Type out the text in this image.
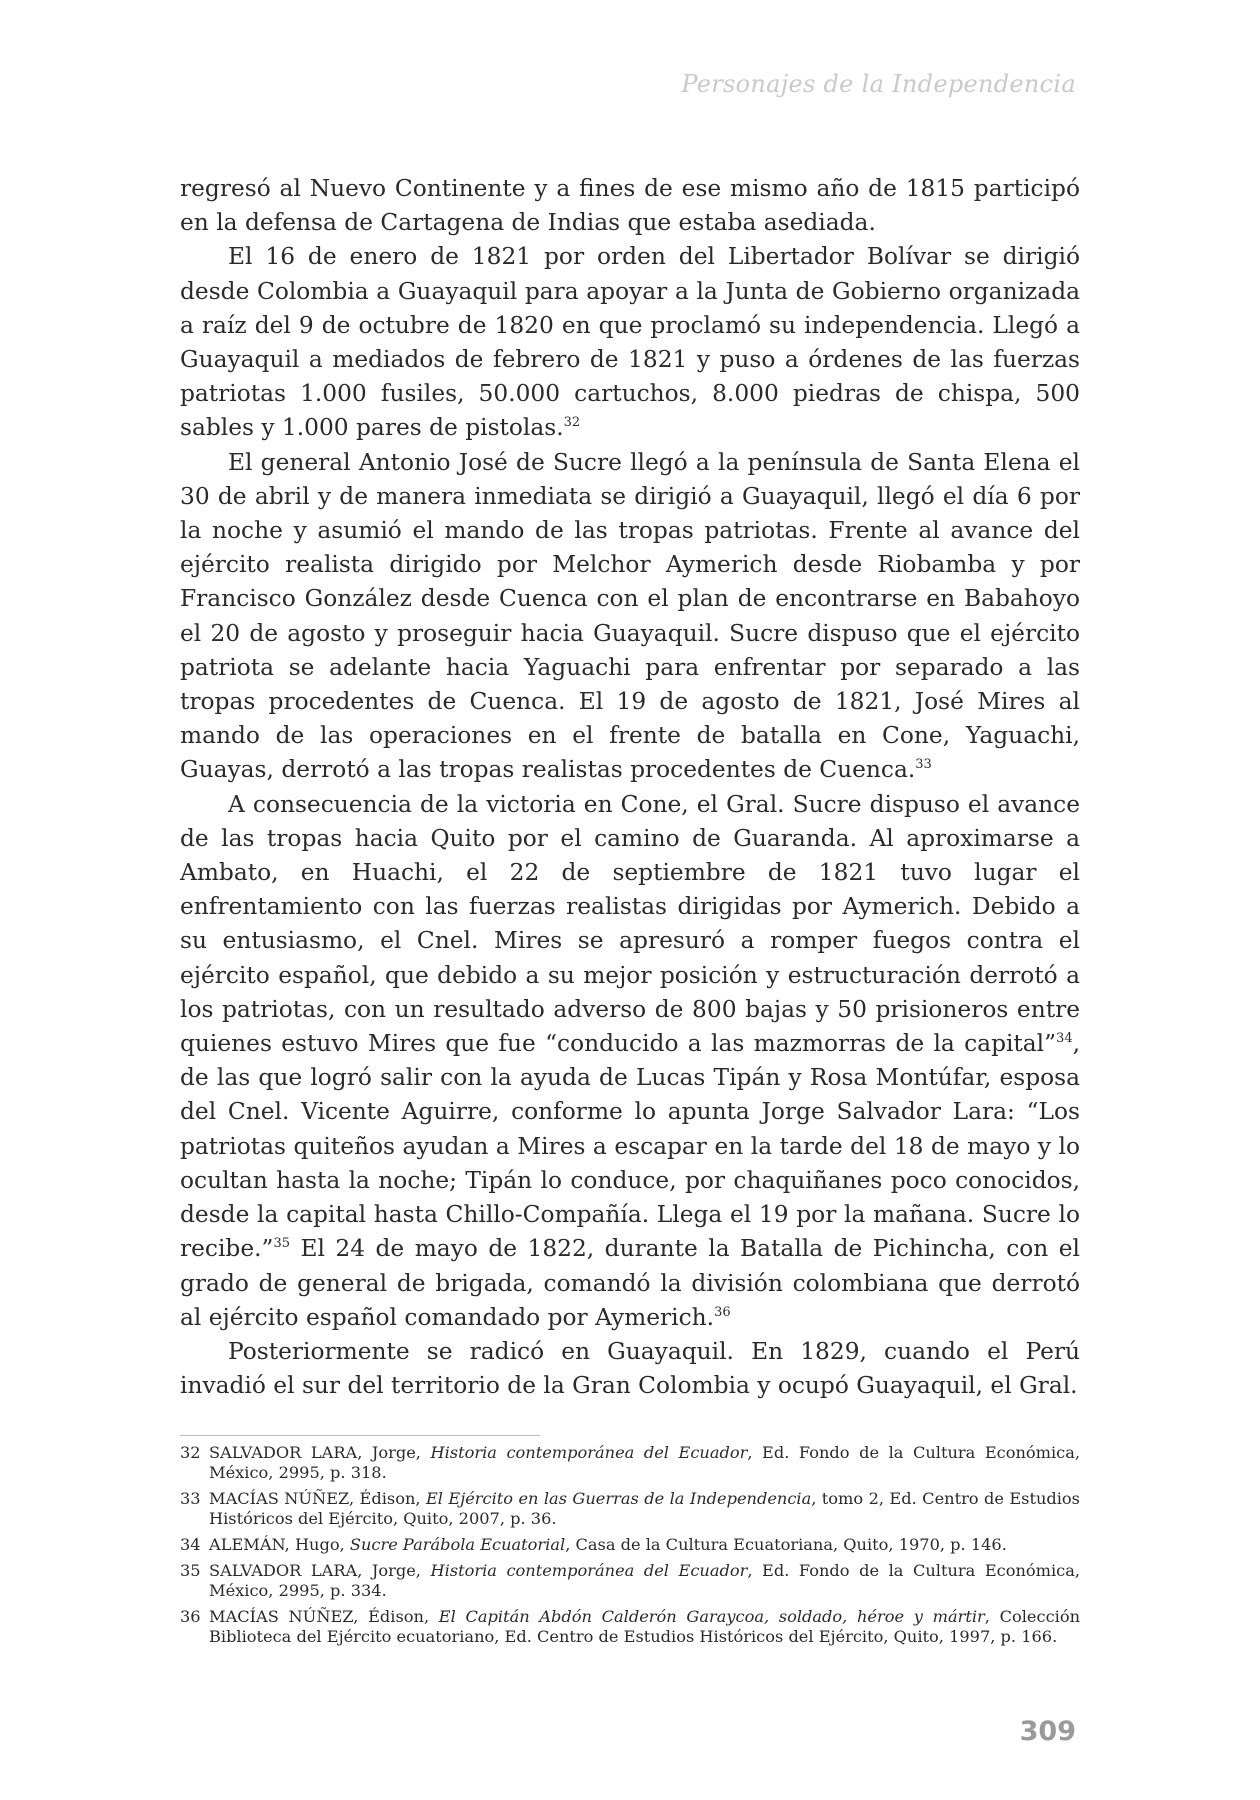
Personajes de la Independencia

regresó al Nuevo Continente y a fines de ese mismo año de 1815 participó en la defensa de Cartagena de Indias que estaba asediada.

El 16 de enero de 1821 por orden del Libertador Bolívar se dirigió desde Colombia a Guayaquil para apoyar a la Junta de Gobierno organizada a raíz del 9 de octubre de 1820 en que proclamó su independencia. Llegó a Guayaquil a mediados de febrero de 1821 y puso a órdenes de las fuerzas patriotas 1.000 fusiles, 50.000 cartuchos, 8.000 piedras de chispa, 500 sables y 1.000 pares de pistolas.$^{32}$

El general Antonio José de Sucre llegó a la península de Santa Elena el 30 de abril y de manera inmediata se dirigió a Guayaquil, llegó el día 6 por la noche y asumió el mando de las tropas patriotas. Frente al avance del ejército realista dirigido por Melchor Aymerich desde Riobamba y por Francisco González desde Cuenca con el plan de encontrarse en Babahoyo el 20 de agosto y proseguir hacia Guayaquil. Sucre dispuso que el ejército patriota se adelante hacia Yaguachi para enfrentar por separado a las tropas procedentes de Cuenca. El 19 de agosto de 1821, José Mires al mando de las operaciones en el frente de batalla en Cone, Yaguachi, Guayas, derrotó a las tropas realistas procedentes de Cuenca.$^{33}$

A consecuencia de la victoria en Cone, el Gral. Sucre dispuso el avance de las tropas hacia Quito por el camino de Guaranda. Al aproximarse a Ambato, en Huachi, el 22 de septiembre de 1821 tuvo lugar el enfrentamiento con las fuerzas realistas dirigidas por Aymerich. Debido a su entusiasmo, el Cnel. Mires se apresuró a romper fuegos contra el ejército español, que debido a su mejor posición y estructuración derrotó a los patriotas, con un resultado adverso de 800 bajas y 50 prisioneros entre quienes estuvo Mires que fue “conducido a las mazmorras de la capital”$^{34}$, de las que logró salir con la ayuda de Lucas Tipán y Rosa Montúfar, esposa del Cnel. Vicente Aguirre, conforme lo apunta Jorge Salvador Lara: “Los patriotas quiteños ayudan a Mires a escapar en la tarde del 18 de mayo y lo ocultan hasta la noche; Tipán lo conduce, por chaquiñanes poco conocidos, desde la capital hasta Chillo-Compañía. Llega el 19 por la mañana. Sucre lo recibe.”$^{35}$ El 24 de mayo de 1822, durante la Batalla de Pichincha, con el grado de general de brigada, comandó la división colombiana que derrotó al ejército español comandado por Aymerich.$^{36}$

Posteriormente se radicó en Guayaquil. En 1829, cuando el Perú invadió el sur del territorio de la Gran Colombia y ocupó Guayaquil, el Gral.

32 SALVADOR LARA, Jorge, Historia contemporánea del Ecuador, Ed. Fondo de la Cultura Económica, México, 2995, p. 318.
33 MACÍAS NÚÑEZ, Édison, El Ejército en las Guerras de la Independencia, tomo 2, Ed. Centro de Estudios Históricos del Ejército, Quito, 2007, p. 36.
34 ALEMÁN, Hugo, Sucre Parábola Ecuatorial, Casa de la Cultura Ecuatoriana, Quito, 1970, p. 146.
35 SALVADOR LARA, Jorge, Historia contemporánea del Ecuador, Ed. Fondo de la Cultura Económica, México, 2995, p. 334.
36 MACÍAS NÚÑEZ, Édison, El Capitán Abdón Calderón Garaycoa, soldado, héroe y mártir, Colección Biblioteca del Ejército ecuatoriano, Ed. Centro de Estudios Históricos del Ejército, Quito, 1997, p. 166.
309
